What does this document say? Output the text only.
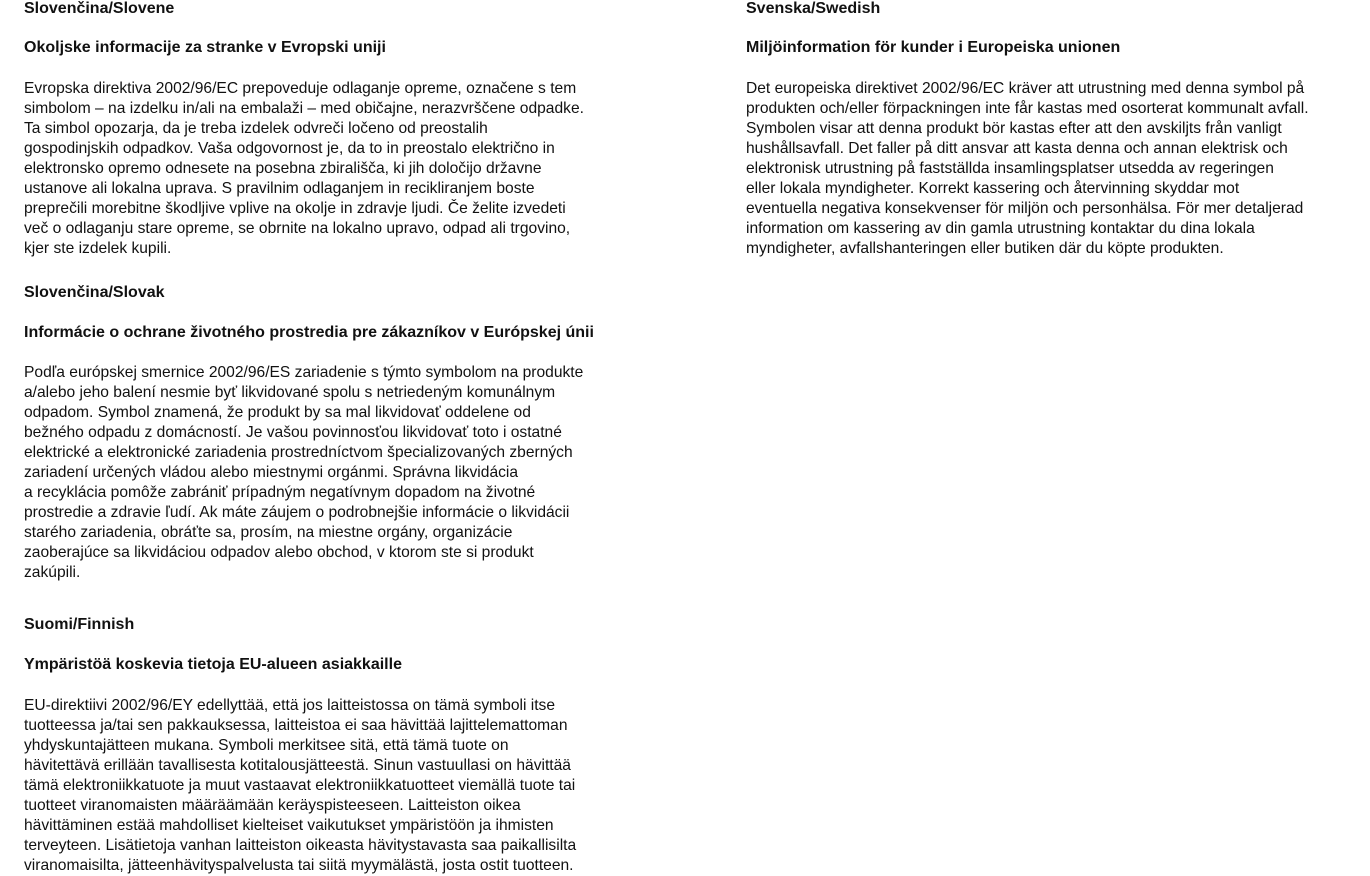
Slovenčina/Slovene

Okoljske informacije za stranke v Evropski uniji

Evropska direktiva 2002/96/EC prepoveduje odlaganje opreme, označene s tem
simbolom – na izdelku in/ali na embalaži – med običajne, nerazvrščene odpadke.
Ta simbol opozarja, da je treba izdelek odvreči ločeno od preostalih
gospodinjskih odpadkov. Vaša odgovornost je, da to in preostalo električno in
elektronsko opremo odnesete na posebna zbirališča, ki jih določijo državne
ustanove ali lokalna uprava. S pravilnim odlaganjem in recikliranjem boste
preprečili morebitne škodljive vplive na okolje in zdravje ljudi. Če želite izvedeti
več o odlaganju stare opreme, se obrnite na lokalno upravo, odpad ali trgovino,
kjer ste izdelek kupili.

Slovenčina/Slovak

Informácie o ochrane životného prostredia pre zákazníkov v Európskej únii

Podľa európskej smernice 2002/96/ES zariadenie s týmto symbolom na produkte
a/alebo jeho balení nesmie byť likvidované spolu s netriedeným komunálnym
odpadom. Symbol znamená, že produkt by sa mal likvidovať oddelene od
bežného odpadu z domácností. Je vašou povinnosťou likvidovať toto i ostatné
elektrické a elektronické zariadenia prostredníctvom špecializovaných zberných
zariadení určených vládou alebo miestnymi orgánmi. Správna likvidácia
a recyklácia pomôže zabrániť prípadným negatívnym dopadom na životné
prostredie a zdravie ľudí. Ak máte záujem o podrobnejšie informácie o likvidácii
starého zariadenia, obráťte sa, prosím, na miestne orgány, organizácie
zaoberajúce sa likvidáciou odpadov alebo obchod, v ktorom ste si produkt
zakúpili.

Suomi/Finnish

Ympäristöä koskevia tietoja EU-alueen asiakkaille

EU-direktiivi 2002/96/EY edellyttää, että jos laitteistossa on tämä symboli itse
tuotteessa ja/tai sen pakkauksessa, laitteistoa ei saa hävittää lajittelemattoman
yhdyskuntajätteen mukana. Symboli merkitsee sitä, että tämä tuote on
hävitettävä erillään tavallisesta kotitalousjätteestä. Sinun vastuullasi on hävittää
tämä elektroniikkatuote ja muut vastaavat elektroniikkatuotteet viemällä tuote tai
tuotteet viranomaisten määräämään keräyspisteeseen. Laitteiston oikea
hävittäminen estää mahdolliset kielteiset vaikutukset ympäristöön ja ihmisten
terveyteen. Lisätietoja vanhan laitteiston oikeasta hävitystavasta saa paikallisilta
viranomaisilta, jätteenhävityspalvelusta tai siitä myymälästä, josta ostit tuotteen.

Svenska/Swedish

Miljöinformation för kunder i Europeiska unionen

Det europeiska direktivet 2002/96/EC kräver att utrustning med denna symbol på
produkten och/eller förpackningen inte får kastas med osorterat kommunalt avfall.
Symbolen visar att denna produkt bör kastas efter att den avskiljts från vanligt
hushållsavfall. Det faller på ditt ansvar att kasta denna och annan elektrisk och
elektronisk utrustning på fastställda insamlingsplatser utsedda av regeringen
eller lokala myndigheter. Korrekt kassering och återvinning skyddar mot
eventuella negativa konsekvenser för miljön och personhälsa. För mer detaljerad
information om kassering av din gamla utrustning kontaktar du dina lokala
myndigheter, avfallshanteringen eller butiken där du köpte produkten.
